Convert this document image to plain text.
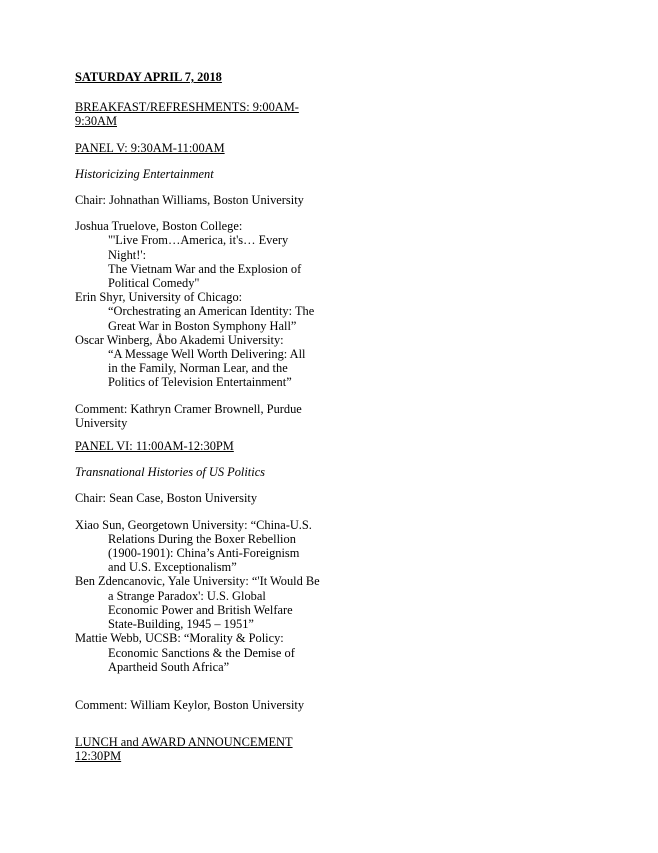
SATURDAY APRIL 7, 2018
BREAKFAST/REFRESHMENTS: 9:00AM-
9:30AM
PANEL V: 9:30AM-11:00AM
Historicizing Entertainment
Chair: Johnathan Williams, Boston University
Joshua Truelove, Boston College:
"'Live From…America, it's… Every
Night!':
The Vietnam War and the Explosion of
Political Comedy"
Erin Shyr, University of Chicago:
“Orchestrating an American Identity: The
Great War in Boston Symphony Hall”
Oscar Winberg, Åbo Akademi University:
“A Message Well Worth Delivering: All
in the Family, Norman Lear, and the
Politics of Television Entertainment”
Comment: Kathryn Cramer Brownell, Purdue
University
PANEL VI: 11:00AM-12:30PM
Transnational Histories of US Politics
Chair: Sean Case, Boston University
Xiao Sun, Georgetown University: “China-U.S.
Relations During the Boxer Rebellion
(1900-1901): China’s Anti-Foreignism
and U.S. Exceptionalism”
Ben Zdencanovic, Yale University: “'It Would Be
a Strange Paradox': U.S. Global
Economic Power and British Welfare
State-Building, 1945 – 1951”
Mattie Webb, UCSB: “Morality & Policy:
Economic Sanctions & the Demise of
Apartheid South Africa”
Comment: William Keylor, Boston University
LUNCH and AWARD ANNOUNCEMENT
12:30PM
